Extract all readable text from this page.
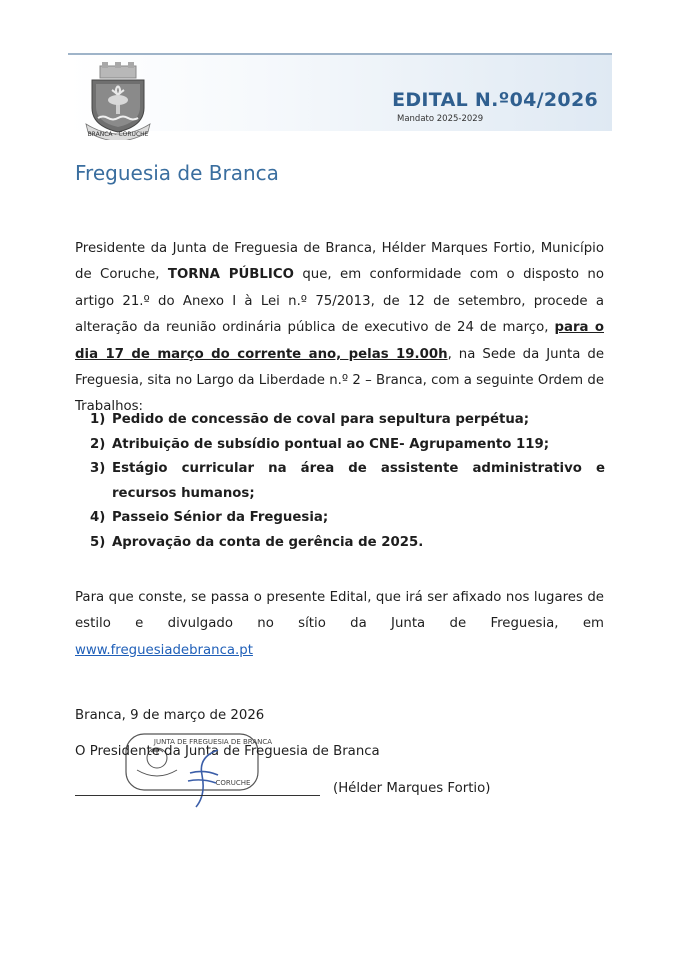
BRANCA - CORUCHE
EDITAL N.º04/2026
Mandato 2025-2029
Freguesia de Branca
Presidente da Junta de Freguesia de Branca, Hélder Marques Fortio, Município de Coruche, TORNA PÚBLICO que, em conformidade com o disposto no artigo 21.º do Anexo I à Lei n.º 75/2013, de 12 de setembro, procede a alteração da reunião ordinária pública de executivo de 24 de março, para o dia 17 de março do corrente ano, pelas 19.00h, na Sede da Junta de Freguesia, sita no Largo da Liberdade n.º 2 – Branca, com a seguinte Ordem de Trabalhos:
1) Pedido de concessão de coval para sepultura perpétua;
2) Atribuição de subsídio pontual ao CNE- Agrupamento 119;
3) Estágio curricular na área de assistente administrativo e recursos humanos;
4) Passeio Sénior da Freguesia;
5) Aprovação da conta de gerência de 2025.
Para que conste, se passa o presente Edital, que irá ser afixado nos lugares de estilo e divulgado no sítio da Junta de Freguesia, em www.freguesiadebranca.pt
Branca, 9 de março de 2026
JUNTA DE FREGUESIA DE BRANCA
CORUCHE
O Presidente da Junta de Freguesia de Branca
(Hélder Marques Fortio)
